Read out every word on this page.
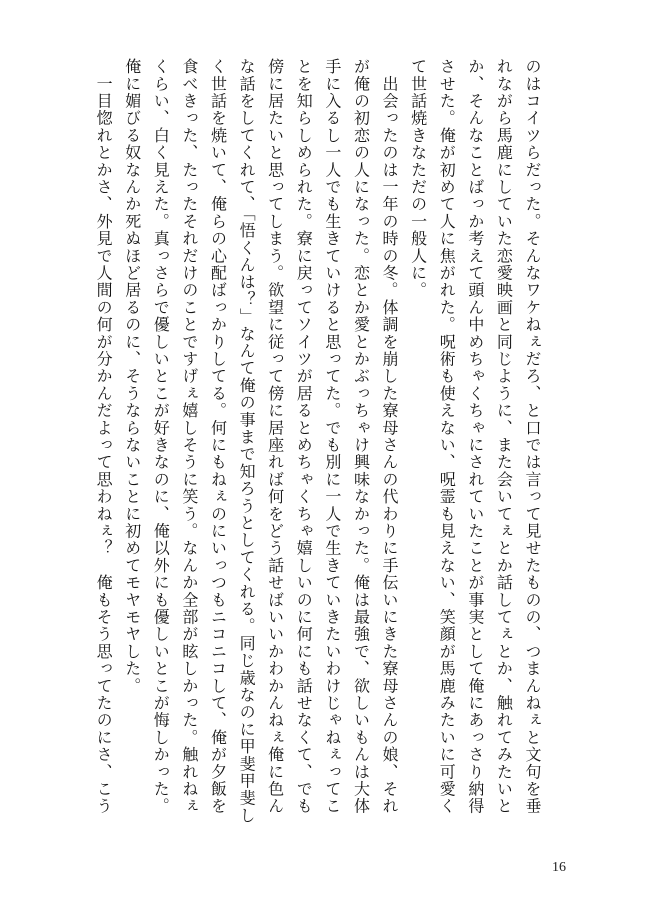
のはコイツらだった。そんなワケねぇだろ、と口では言って見せたものの、つまんねぇと文句を垂
れながら馬鹿にしていた恋愛映画と同じように、また会いてぇとか話してぇとか、触れてみたいと
か、そんなことばっか考えて頭ん中めちゃくちゃにされていたことが事実として俺にあっさり納得
させた。俺が初めて人に焦がれた。呪術も使えない、呪霊も見えない、笑顔が馬鹿みたいに可愛く
て世話焼きなただの一般人に。
　出会ったのは一年の時の冬。体調を崩した寮母さんの代わりに手伝いにきた寮母さんの娘、それ
が俺の初恋の人になった。恋とか愛とかぶっちゃけ興味なかった。俺は最強で、欲しいもんは大体
手に入るし一人でも生きていけると思ってた。でも別に一人で生きていきたいわけじゃねぇってこ
とを知らしめられた。寮に戻ってソイツが居るとめちゃくちゃ嬉しいのに何にも話せなくて、でも
傍に居たいと思ってしまう。欲望に従って傍に居座れば何をどう話せばいいかわかんねぇ俺に色ん
な話をしてくれて、「悟くんは？」なんて俺の事まで知ろうとしてくれる。同じ歳なのに甲斐甲斐し
く世話を焼いて、俺らの心配ばっかりしてる。何にもねぇのにいっつもニコニコして、俺が夕飯を
食べきった、たったそれだけのことですげぇ嬉しそうに笑う。なんか全部が眩しかった。触れねぇ
くらい、白く見えた。真っさらで優しいとこが好きなのに、俺以外にも優しいとこが悔しかった。
俺に媚びる奴なんか死ぬほど居るのに、そうならないことに初めてモヤモヤした。
　一目惚れとかさ、外見で人間の何が分かんだよって思わねぇ？　俺もそう思ってたのにさ、こう
16
